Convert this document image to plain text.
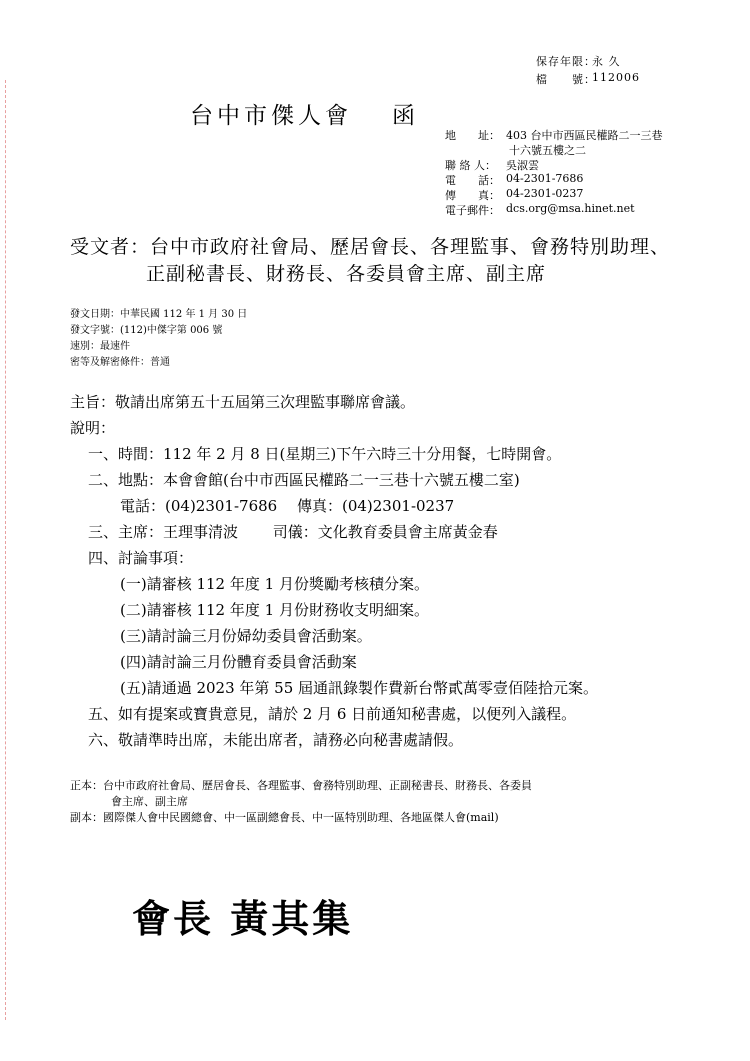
保存年限：
永 久
檔　　號：
112006
台中市傑人會 函
地　　址： 403 台中市西區民權路二一三巷
十六號五樓之二
聯 絡 人： 吳淑雲
電　　話： 04-2301-7686
傳　　真： 04-2301-0237
電子郵件： dcs.org@msa.hinet.net
受文者：台中市政府社會局、歷居會長、各理監事、會務特別助理、
正副秘書長、財務長、各委員會主席、副主席
發文日期：中華民國 112 年 1 月 30 日
發文字號：(112)中傑字第 006 號
速別：最速件
密等及解密條件：普通
主旨：敬請出席第五十五屆第三次理監事聯席會議。
說明：
一、時間：112 年 2 月 8 日(星期三)下午六時三十分用餐，七時開會。
二、地點：本會會館(台中市西區民權路二一三巷十六號五樓二室)
電話：(04)2301-7686　 傳真：(04)2301-0237
三、主席：王理事清波　　 司儀：文化教育委員會主席黃金春
四、討論事項：
(一)請審核 112 年度 1 月份獎勵考核積分案。
(二)請審核 112 年度 1 月份財務收支明細案。
(三)請討論三月份婦幼委員會活動案。
(四)請討論三月份體育委員會活動案
(五)請通過 2023 年第 55 屆通訊錄製作費新台幣貳萬零壹佰陸拾元案。
五、如有提案或寶貴意見，請於 2 月 6 日前通知秘書處，以便列入議程。
六、敬請準時出席，未能出席者，請務必向秘書處請假。
正本：台中市政府社會局、歷居會長、各理監事、會務特別助理、正副秘書長、財務長、各委員
會主席、副主席
副本：國際傑人會中民國總會、中一區副總會長、中一區特別助理、各地區傑人會(mail)
會長 黃其集
